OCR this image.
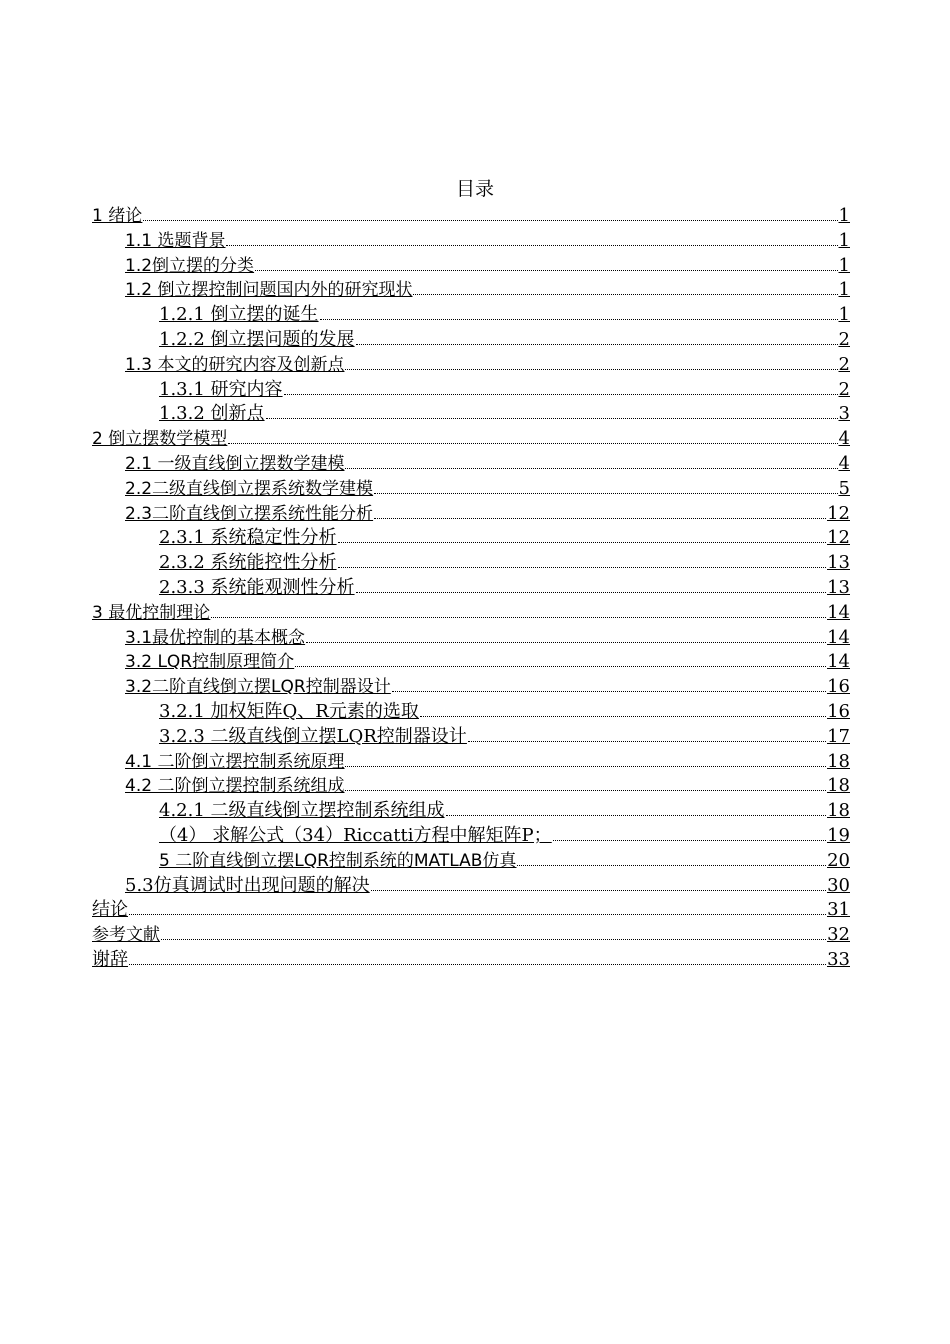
目录
1 绪论	1
1.1 选题背景	1
1.2倒立摆的分类	1
1.2 倒立摆控制问题国内外的研究现状	1
1.2.1 倒立摆的诞生	1
1.2.2 倒立摆问题的发展	2
1.3 本文的研究内容及创新点	2
1.3.1 研究内容	2
1.3.2 创新点	3
2 倒立摆数学模型	4
2.1 一级直线倒立摆数学建模	4
2.2二级直线倒立摆系统数学建模	5
2.3二阶直线倒立摆系统性能分析	12
2.3.1 系统稳定性分析	12
2.3.2 系统能控性分析	13
2.3.3 系统能观测性分析	13
3 最优控制理论	14
3.1最优控制的基本概念	14
3.2 LQR控制原理简介	14
3.2二阶直线倒立摆LQR控制器设计	16
3.2.1 加权矩阵Q、R元素的选取	16
3.2.3 二级直线倒立摆LQR控制器设计	17
4.1 二阶倒立摆控制系统原理	18
4.2 二阶倒立摆控制系统组成	18
4.2.1 二级直线倒立摆控制系统组成	18
（4） 求解公式（34）Riccatti方程中解矩阵P；	19
5 二阶直线倒立摆LQR控制系统的MATLAB仿真	20
5.3仿真调试时出现问题的解决	30
结论	31
参考文献	32
谢辞	33
